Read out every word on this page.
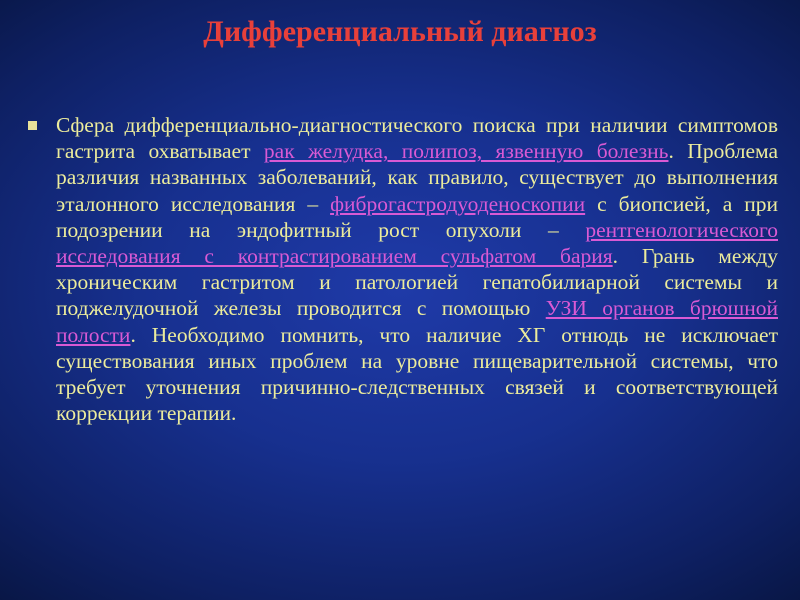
Дифференциальный диагноз

Сфера дифференциально-диагностического поиска при наличии симптомов гастрита охватывает рак желудка, полипоз, язвенную болезнь. Проблема различия названных заболеваний, как правило, существует до выполнения эталонного исследования – фиброгастродуоденоскопии с биопсией, а при подозрении на эндофитный рост опухоли – рентгенологического исследования с контрастированием сульфатом бария. Грань между хроническим гастритом и патологией гепатобилиарной системы и поджелудочной железы проводится с помощью УЗИ органов брюшной полости. Необходимо помнить, что наличие ХГ отнюдь не исключает существования иных проблем на уровне пищеварительной системы, что требует уточнения причинно-следственных связей и соответствующей коррекции терапии.
